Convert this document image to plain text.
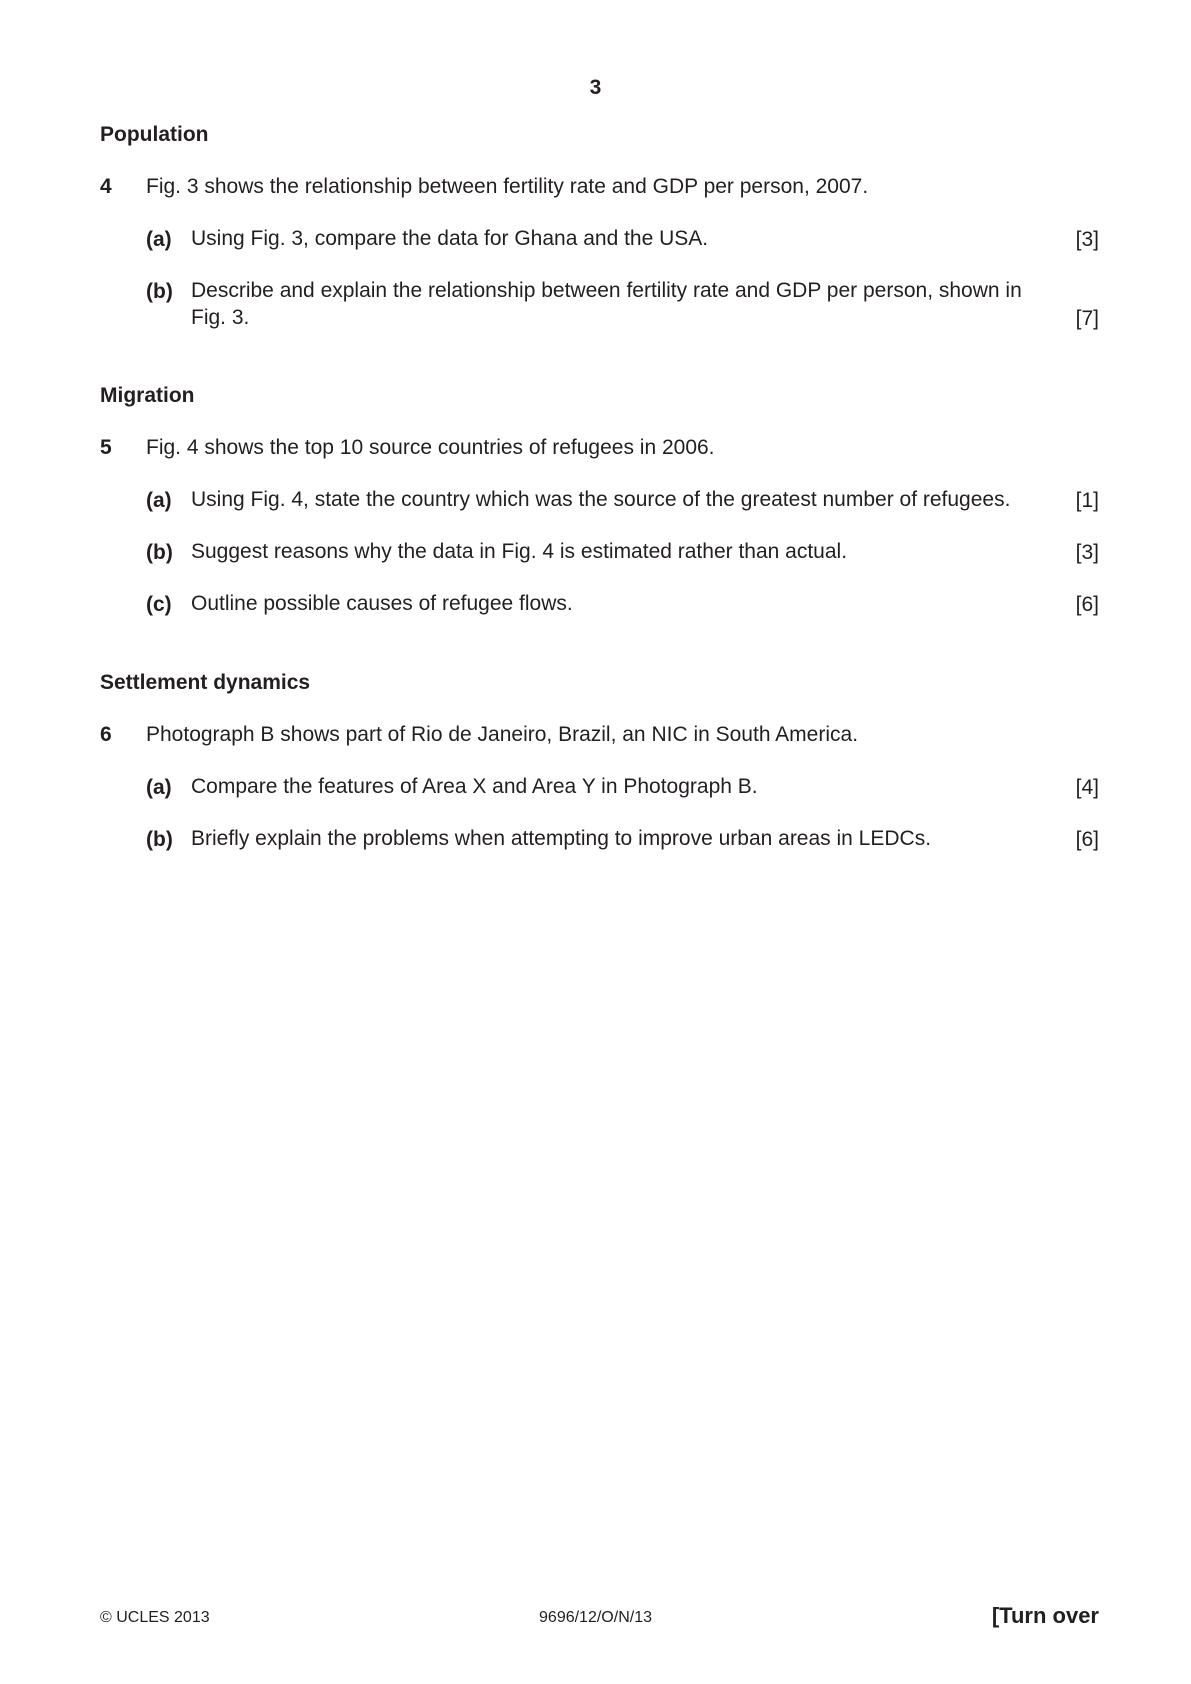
3
Population
4 Fig. 3 shows the relationship between fertility rate and GDP per person, 2007.
(a) Using Fig. 3, compare the data for Ghana and the USA.	[3]
(b) Describe and explain the relationship between fertility rate and GDP per person, shown in
Fig. 3.	[7]
Migration
5 Fig. 4 shows the top 10 source countries of refugees in 2006.
(a) Using Fig. 4, state the country which was the source of the greatest number of refugees.	[1]
(b) Suggest reasons why the data in Fig. 4 is estimated rather than actual.	[3]
(c) Outline possible causes of refugee flows.	[6]
Settlement dynamics
6 Photograph B shows part of Rio de Janeiro, Brazil, an NIC in South America.
(a) Compare the features of Area X and Area Y in Photograph B.	[4]
(b) Briefly explain the problems when attempting to improve urban areas in LEDCs.	[6]
© UCLES 2013	9696/12/O/N/13	[Turn over
